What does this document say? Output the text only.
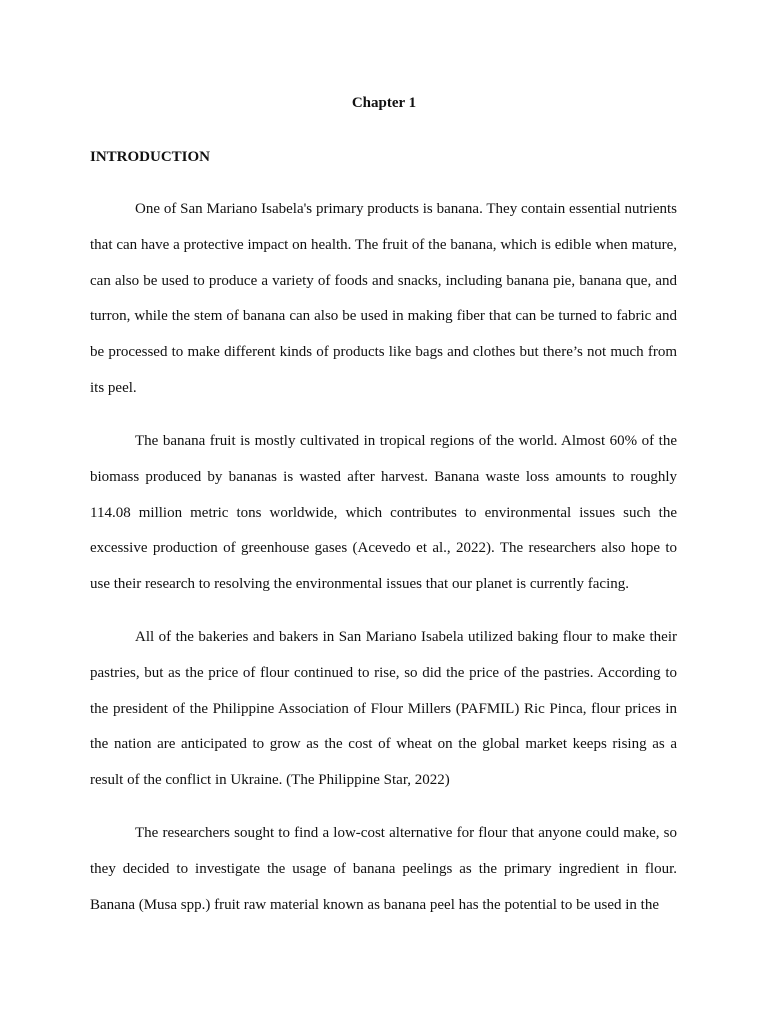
Chapter 1
INTRODUCTION

One of San Mariano Isabela's primary products is banana. They contain essential nutrients that can have a protective impact on health. The fruit of the banana, which is edible when mature, can also be used to produce a variety of foods and snacks, including banana pie, banana que, and turron, while the stem of banana can also be used in making fiber that can be turned to fabric and be processed to make different kinds of products like bags and clothes but there’s not much from its peel.

The banana fruit is mostly cultivated in tropical regions of the world. Almost 60% of the biomass produced by bananas is wasted after harvest. Banana waste loss amounts to roughly 114.08 million metric tons worldwide, which contributes to environmental issues such the excessive production of greenhouse gases (Acevedo et al., 2022). The researchers also hope to use their research to resolving the environmental issues that our planet is currently facing.

All of the bakeries and bakers in San Mariano Isabela utilized baking flour to make their pastries, but as the price of flour continued to rise, so did the price of the pastries. According to the president of the Philippine Association of Flour Millers (PAFMIL) Ric Pinca, flour prices in the nation are anticipated to grow as the cost of wheat on the global market keeps rising as a result of the conflict in Ukraine. (The Philippine Star, 2022)

The researchers sought to find a low-cost alternative for flour that anyone could make, so they decided to investigate the usage of banana peelings as the primary ingredient in flour. Banana (Musa spp.) fruit raw material known as banana peel has the potential to be used in the
